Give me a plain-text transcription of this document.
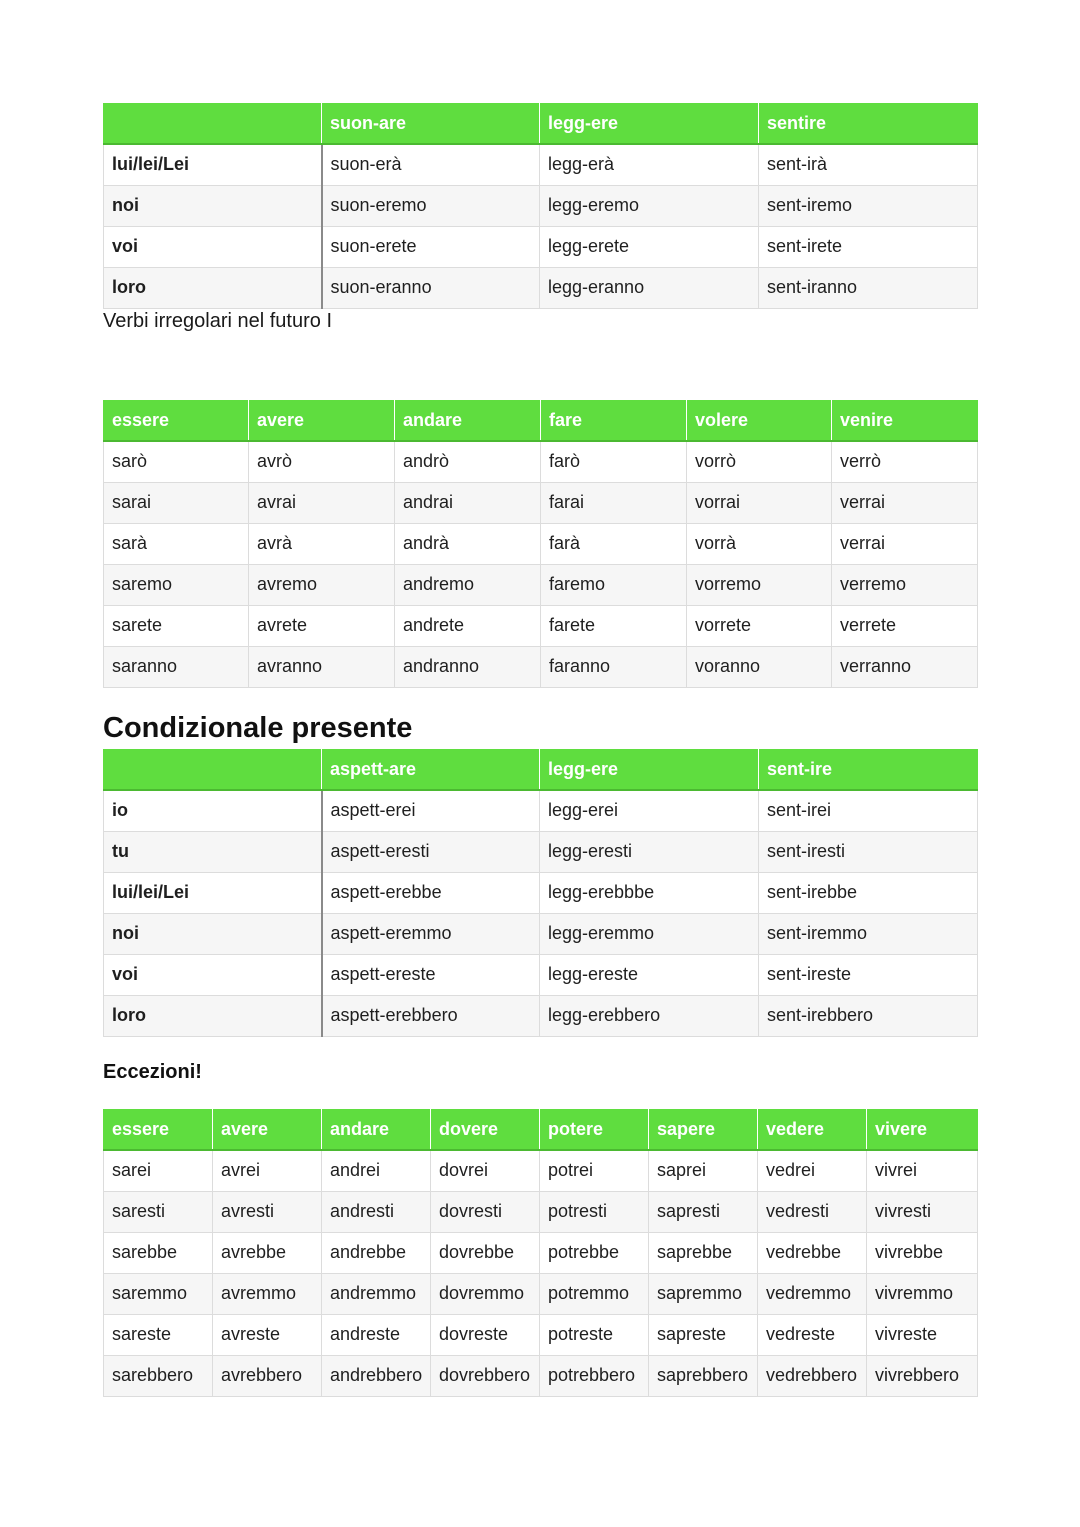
	suon-are	legg-ere	sentire
lui/lei/Lei	suon-erà	legg-erà	sent-irà
noi	suon-eremo	legg-eremo	sent-iremo
voi	suon-erete	legg-erete	sent-irete
loro	suon-eranno	legg-eranno	sent-iranno
Verbi irregolari nel futuro I
essere	avere	andare	fare	volere	venire
sarò	avrò	andrò	farò	vorrò	verrò
sarai	avrai	andrai	farai	vorrai	verrai
sarà	avrà	andrà	farà	vorrà	verrai
saremo	avremo	andremo	faremo	vorremo	verremo
sarete	avrete	andrete	farete	vorrete	verrete
saranno	avranno	andranno	faranno	voranno	verranno
Condizionale presente
	aspett-are	legg-ere	sent-ire
io	aspett-erei	legg-erei	sent-irei
tu	aspett-eresti	legg-eresti	sent-iresti
lui/lei/Lei	aspett-erebbe	legg-erebbbe	sent-irebbe
noi	aspett-eremmo	legg-eremmo	sent-iremmo
voi	aspett-ereste	legg-ereste	sent-ireste
loro	aspett-erebbero	legg-erebbero	sent-irebbero
Eccezioni!
essere	avere	andare	dovere	potere	sapere	vedere	vivere
sarei	avrei	andrei	dovrei	potrei	saprei	vedrei	vivrei
saresti	avresti	andresti	dovresti	potresti	sapresti	vedresti	vivresti
sarebbe	avrebbe	andrebbe	dovrebbe	potrebbe	saprebbe	vedrebbe	vivrebbe
saremmo	avremmo	andremmo	dovremmo	potremmo	sapremmo	vedremmo	vivremmo
sareste	avreste	andreste	dovreste	potreste	sapreste	vedreste	vivreste
sarebbero	avrebbero	andrebbero	dovrebbero	potrebbero	saprebbero	vedrebbero	vivrebbero
